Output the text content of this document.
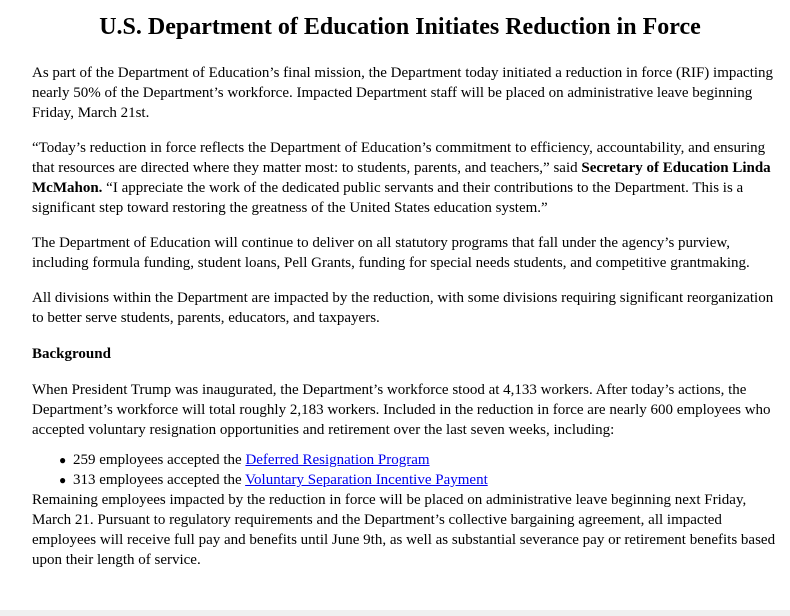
U.S. Department of Education Initiates Reduction in Force

As part of the Department of Education’s final mission, the Department today initiated a reduction in force (RIF) impacting nearly 50% of the Department’s workforce. Impacted Department staff will be placed on administrative leave beginning Friday, March 21st.

“Today’s reduction in force reflects the Department of Education’s commitment to efficiency, accountability, and ensuring that resources are directed where they matter most: to students, parents, and teachers,” said Secretary of Education Linda McMahon. “I appreciate the work of the dedicated public servants and their contributions to the Department. This is a significant step toward restoring the greatness of the United States education system.”

The Department of Education will continue to deliver on all statutory programs that fall under the agency’s purview, including formula funding, student loans, Pell Grants, funding for special needs students, and competitive grantmaking.

All divisions within the Department are impacted by the reduction, with some divisions requiring significant reorganization to better serve students, parents, educators, and taxpayers.

Background

When President Trump was inaugurated, the Department’s workforce stood at 4,133 workers. After today’s actions, the Department’s workforce will total roughly 2,183 workers. Included in the reduction in force are nearly 600 employees who accepted voluntary resignation opportunities and retirement over the last seven weeks, including:

● 259 employees accepted the Deferred Resignation Program
● 313 employees accepted the Voluntary Separation Incentive Payment

Remaining employees impacted by the reduction in force will be placed on administrative leave beginning next Friday, March 21. Pursuant to regulatory requirements and the Department’s collective bargaining agreement, all impacted employees will receive full pay and benefits until June 9th, as well as substantial severance pay or retirement benefits based upon their length of service.
